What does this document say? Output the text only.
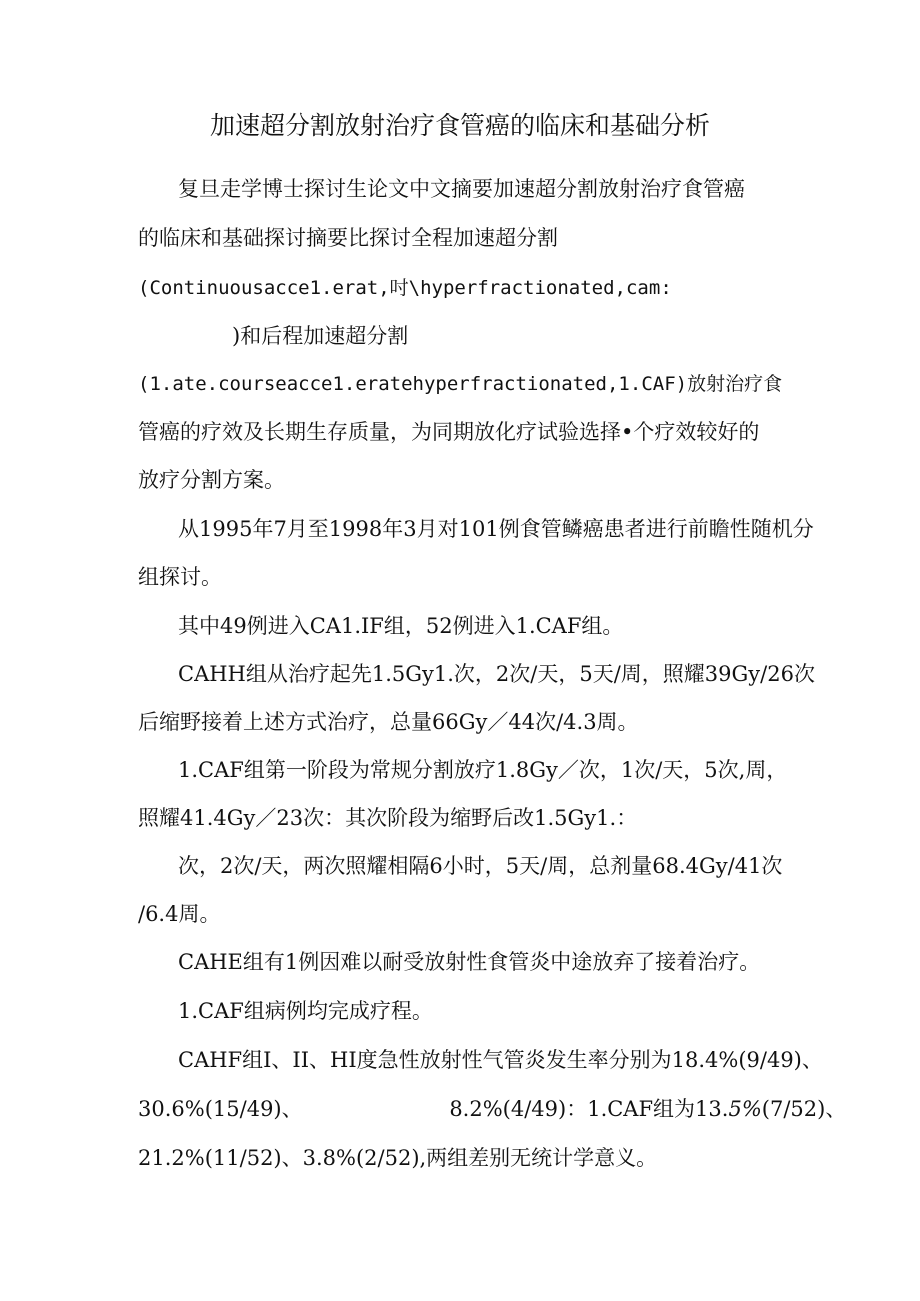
加速超分割放射治疗食管癌的临床和基础分析

复旦走学博士探讨生论文中文摘要加速超分割放射治疗食管癌

的临床和基础探讨摘要比探讨全程加速超分割

(Continuousacce1.erat,吋\hyperfractionated,cam:

)和后程加速超分割

(1.ate.courseacce1.eratehyperfractionated,1.CAF)放射治疗食

管癌的疗效及长期生存质量，为同期放化疗试验选择•个疗效较好的

放疗分割方案。

从1995年7月至1998年3月对101例食管鳞癌患者进行前瞻性随机分

组探讨。

其中49例进入CA1.IF组，52例进入1.CAF组。

CAHH组从治疗起先1.5Gy1.次，2次/天，5天/周，照耀39Gy/26次

后缩野接着上述方式治疗，总量66Gy／44次/4.3周。

1.CAF组第一阶段为常规分割放疗1.8Gy／次，1次/天，5次,周，

照耀41.4Gy／23次：其次阶段为缩野后改1.5Gy1.：

次，2次/天，两次照耀相隔6小时，5天/周，总剂量68.4Gy/41次

/6.4周。

CAHE组有1例因难以耐受放射性食管炎中途放弃了接着治疗。

1.CAF组病例均完成疗程。

CAHF组I、II、HI度急性放射性气管炎发生率分别为18.4%(9/49)、

30.6%(15/49)、	8.2%(4/49)：1.CAF组为13.5%(7/52)、

21.2%(11/52)、3.8%(2/52),两组差别无统计学意义。
